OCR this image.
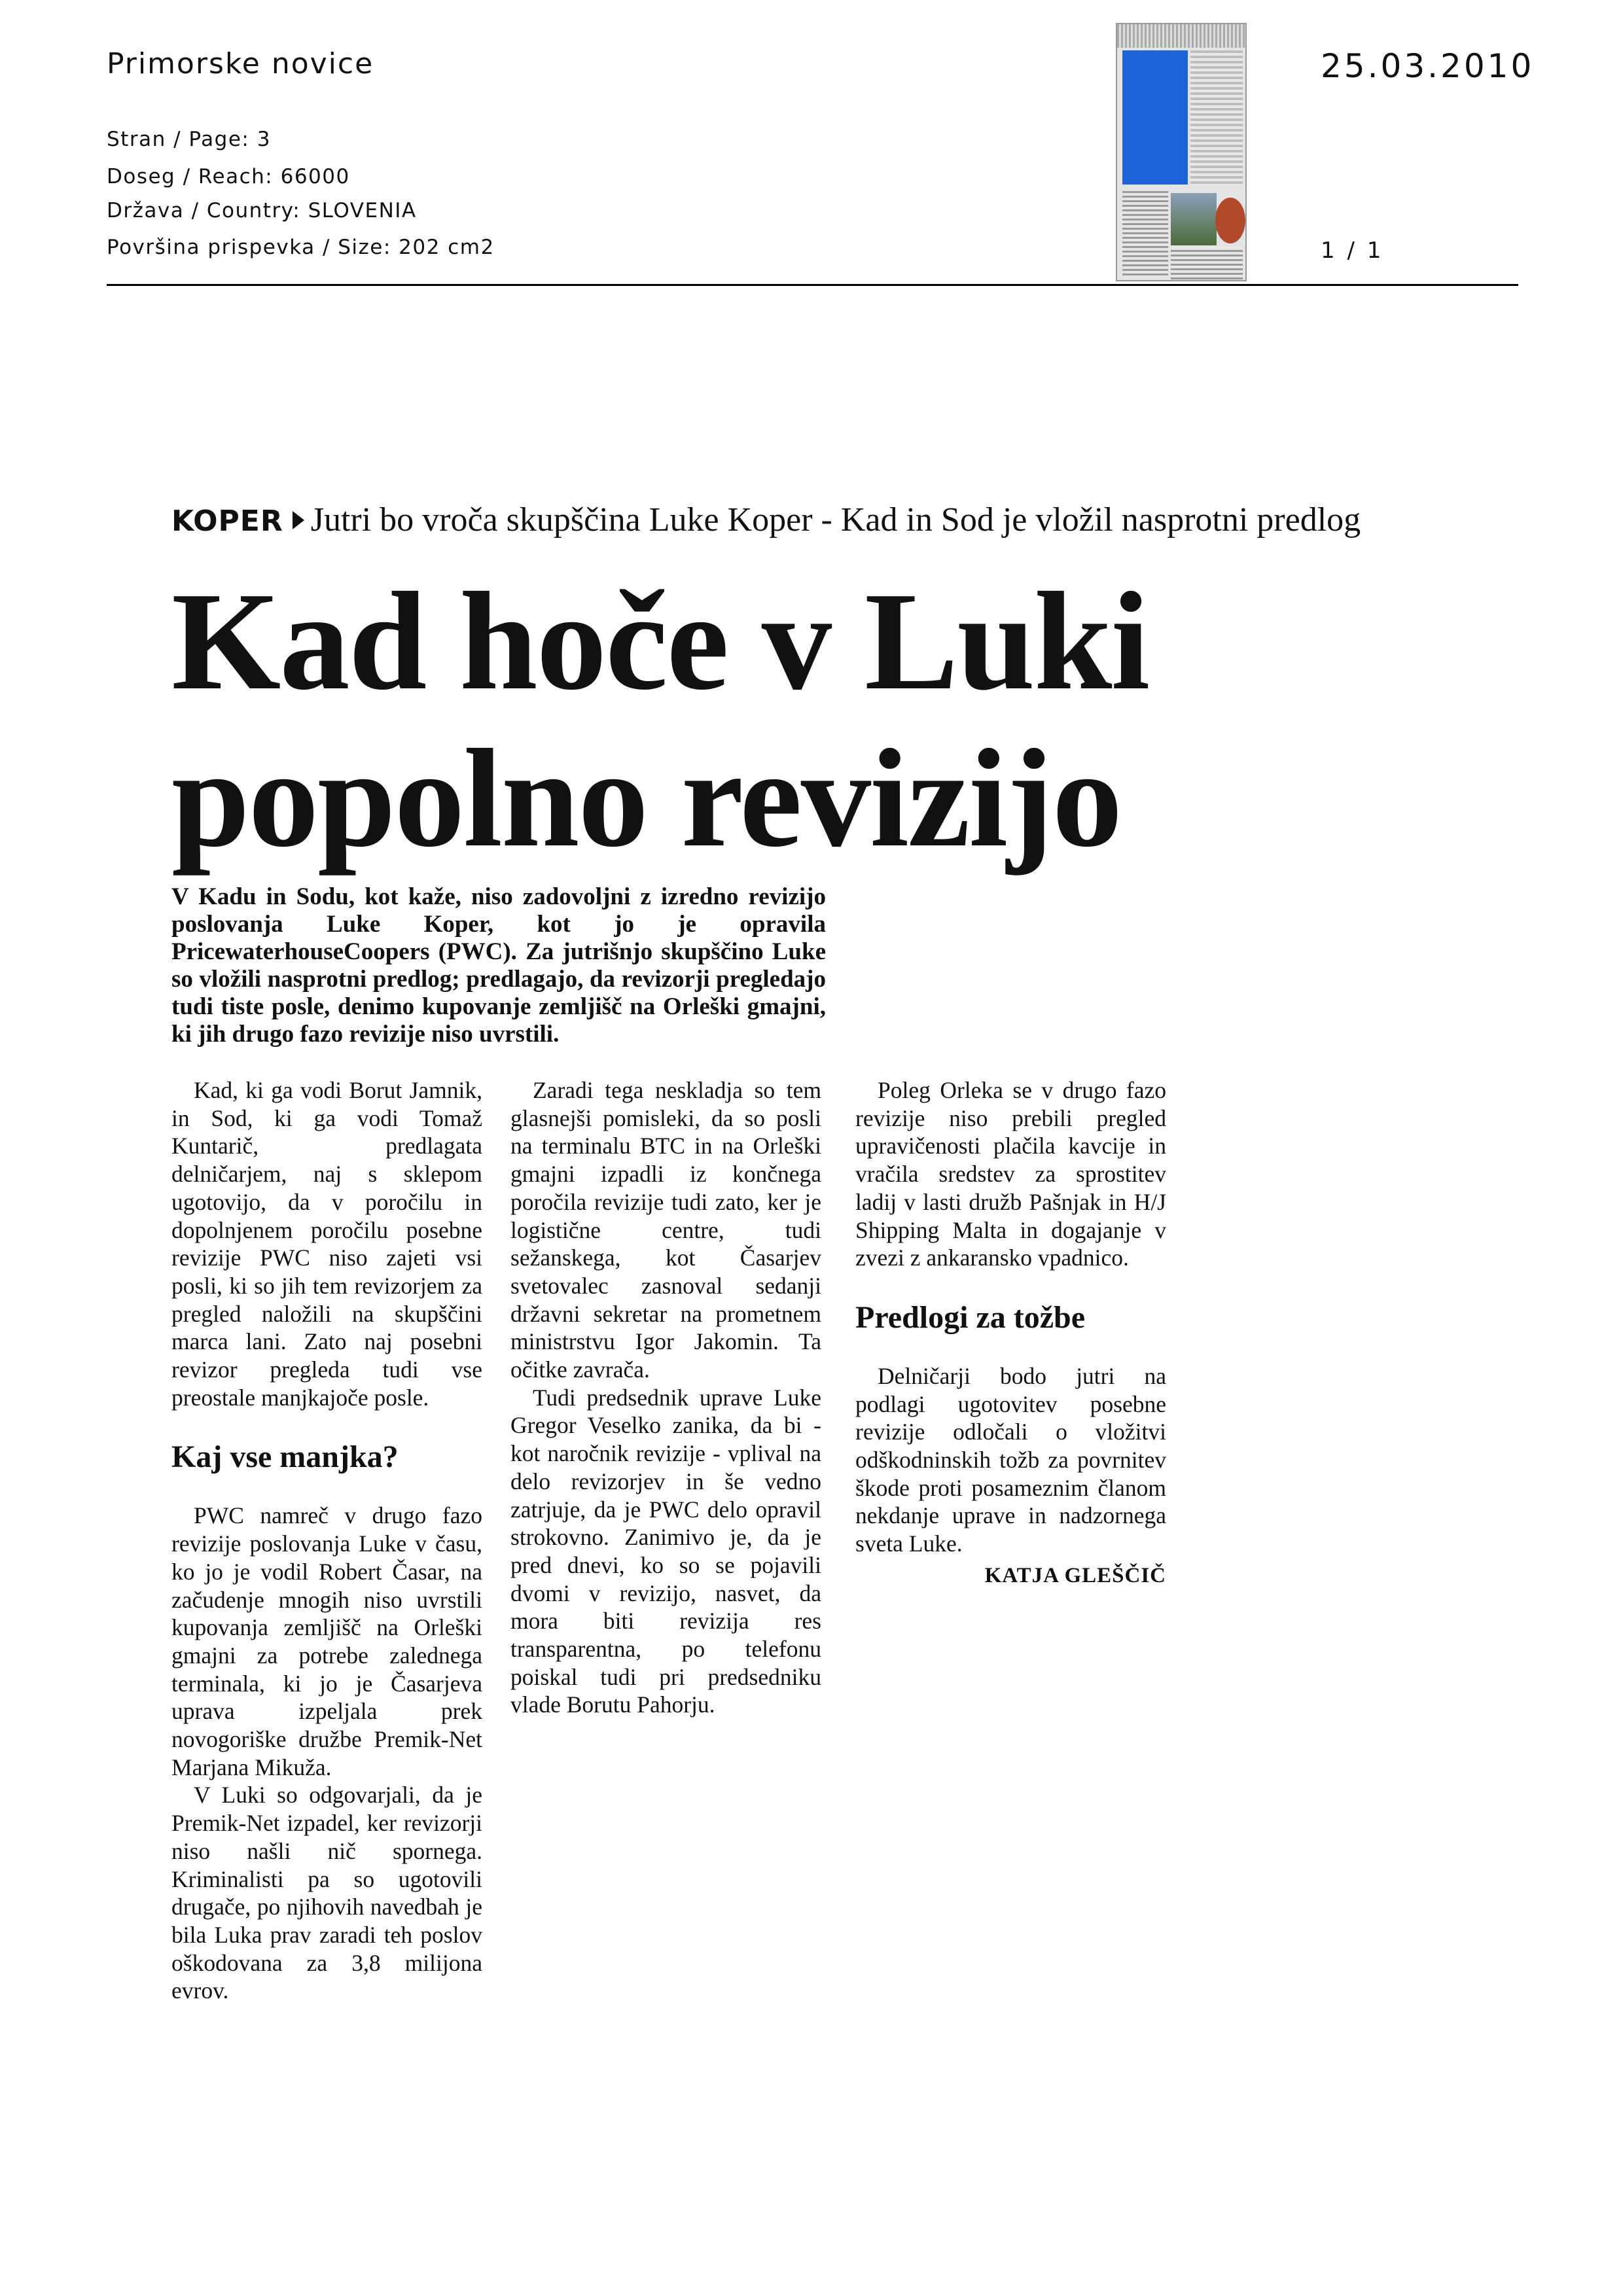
Primorske novice	25.03.2010
Stran / Page: 3
Doseg / Reach: 66000
Država / Country: SLOVENIA
Površina prispevka / Size: 202 cm2	1 / 1
KOPER Jutri bo vroča skupščina Luke Koper - Kad in Sod je vložil nasprotni predlog
Kad hoče v Luki
popolno revizijo

V Kadu in Sodu, kot kaže, niso zadovoljni z izredno revizijo poslovanja Luke Koper, kot jo je opravila PricewaterhouseCoopers (PWC). Za jutrišnjo skupščino Luke so vložili nasprotni predlog; predlagajo, da revizorji pregledajo tudi tiste posle, denimo kupovanje zemljišč na Orleški gmajni, ki jih drugo fazo revizije niso uvrstili.

Kad, ki ga vodi Borut Jamnik, in Sod, ki ga vodi Tomaž Kuntarič, predlagata delničarjem, naj s sklepom ugotovijo, da v poročilu in dopolnjenem poročilu posebne revizije PWC niso zajeti vsi posli, ki so jih tem revizorjem za pregled naložili na skupščini marca lani. Zato naj posebni revizor pregleda tudi vse preostale manjkajoče posle.

Kaj vse manjka?

PWC namreč v drugo fazo revizije poslovanja Luke v času, ko jo je vodil Robert Časar, na začudenje mnogih niso uvrstili kupovanja zemljišč na Orleški gmajni za potrebe zalednega terminala, ki jo je Časarjeva uprava izpeljala prek novogoriške družbe Premik-Net Marjana Mikuža.

V Luki so odgovarjali, da je Premik-Net izpadel, ker revizorji niso našli nič spornega. Kriminalisti pa so ugotovili drugače, po njihovih navedbah je bila Luka prav zaradi teh poslov oškodovana za 3,8 milijona evrov.

Zaradi tega neskladja so tem glasnejši pomisleki, da so posli na terminalu BTC in na Orleški gmajni izpadli iz končnega poročila revizije tudi zato, ker je logistične centre, tudi sežanskega, kot Časarjev svetovalec zasnoval sedanji državni sekretar na prometnem ministrstvu Igor Jakomin. Ta očitke zavrača.

Tudi predsednik uprave Luke Gregor Veselko zanika, da bi - kot naročnik revizije - vplival na delo revizorjev in še vedno zatrjuje, da je PWC delo opravil strokovno. Zanimivo je, da je pred dnevi, ko so se pojavili dvomi v revizijo, nasvet, da mora biti revizija res transparentna, po telefonu poiskal tudi pri predsedniku vlade Borutu Pahorju.

Poleg Orleka se v drugo fazo revizije niso prebili pregled upravičenosti plačila kavcije in vračila sredstev za sprostitev ladij v lasti družb Pašnjak in H/J Shipping Malta in dogajanje v zvezi z ankaransko vpadnico.

Predlogi za tožbe

Delničarji bodo jutri na podlagi ugotovitev posebne revizije odločali o vložitvi odškodninskih tožb za povrnitev škode proti posameznim članom nekdanje uprave in nadzornega sveta Luke.

KATJA GLEŠČIČ
